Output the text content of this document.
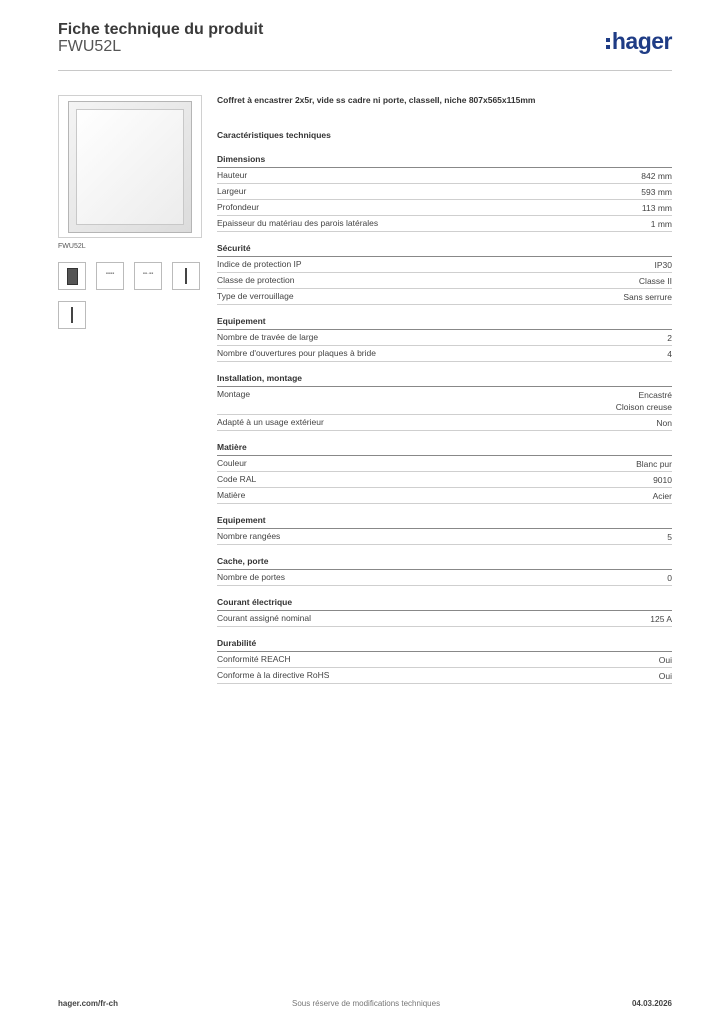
Fiche technique du produit
FWU52L	hager
FWU52L
▪▪▪▪	▪▪·▪▪
Coffret à encastrer 2x5r, vide ss cadre ni porte, classeII, niche 807x565x115mm
Caractéristiques techniques
Dimensions
Hauteur	842 mm
Largeur	593 mm
Profondeur	113 mm
Epaisseur du matériau des parois latérales	1 mm
Sécurité
Indice de protection IP	IP30
Classe de protection	Classe II
Type de verrouillage	Sans serrure
Equipement
Nombre de travée de large	2
Nombre d'ouvertures pour plaques à bride	4
Installation, montage
Montage	Encastré
Cloison creuse
Adapté à un usage extérieur	Non
Matière
Couleur	Blanc pur
Code RAL	9010
Matière	Acier
Equipement
Nombre rangées	5
Cache, porte
Nombre de portes	0
Courant électrique
Courant assigné nominal	125 A
Durabilité
Conformité REACH	Oui
Conforme à la directive RoHS	Oui
hager.com/fr-ch	Sous réserve de modifications techniques	04.03.2026
